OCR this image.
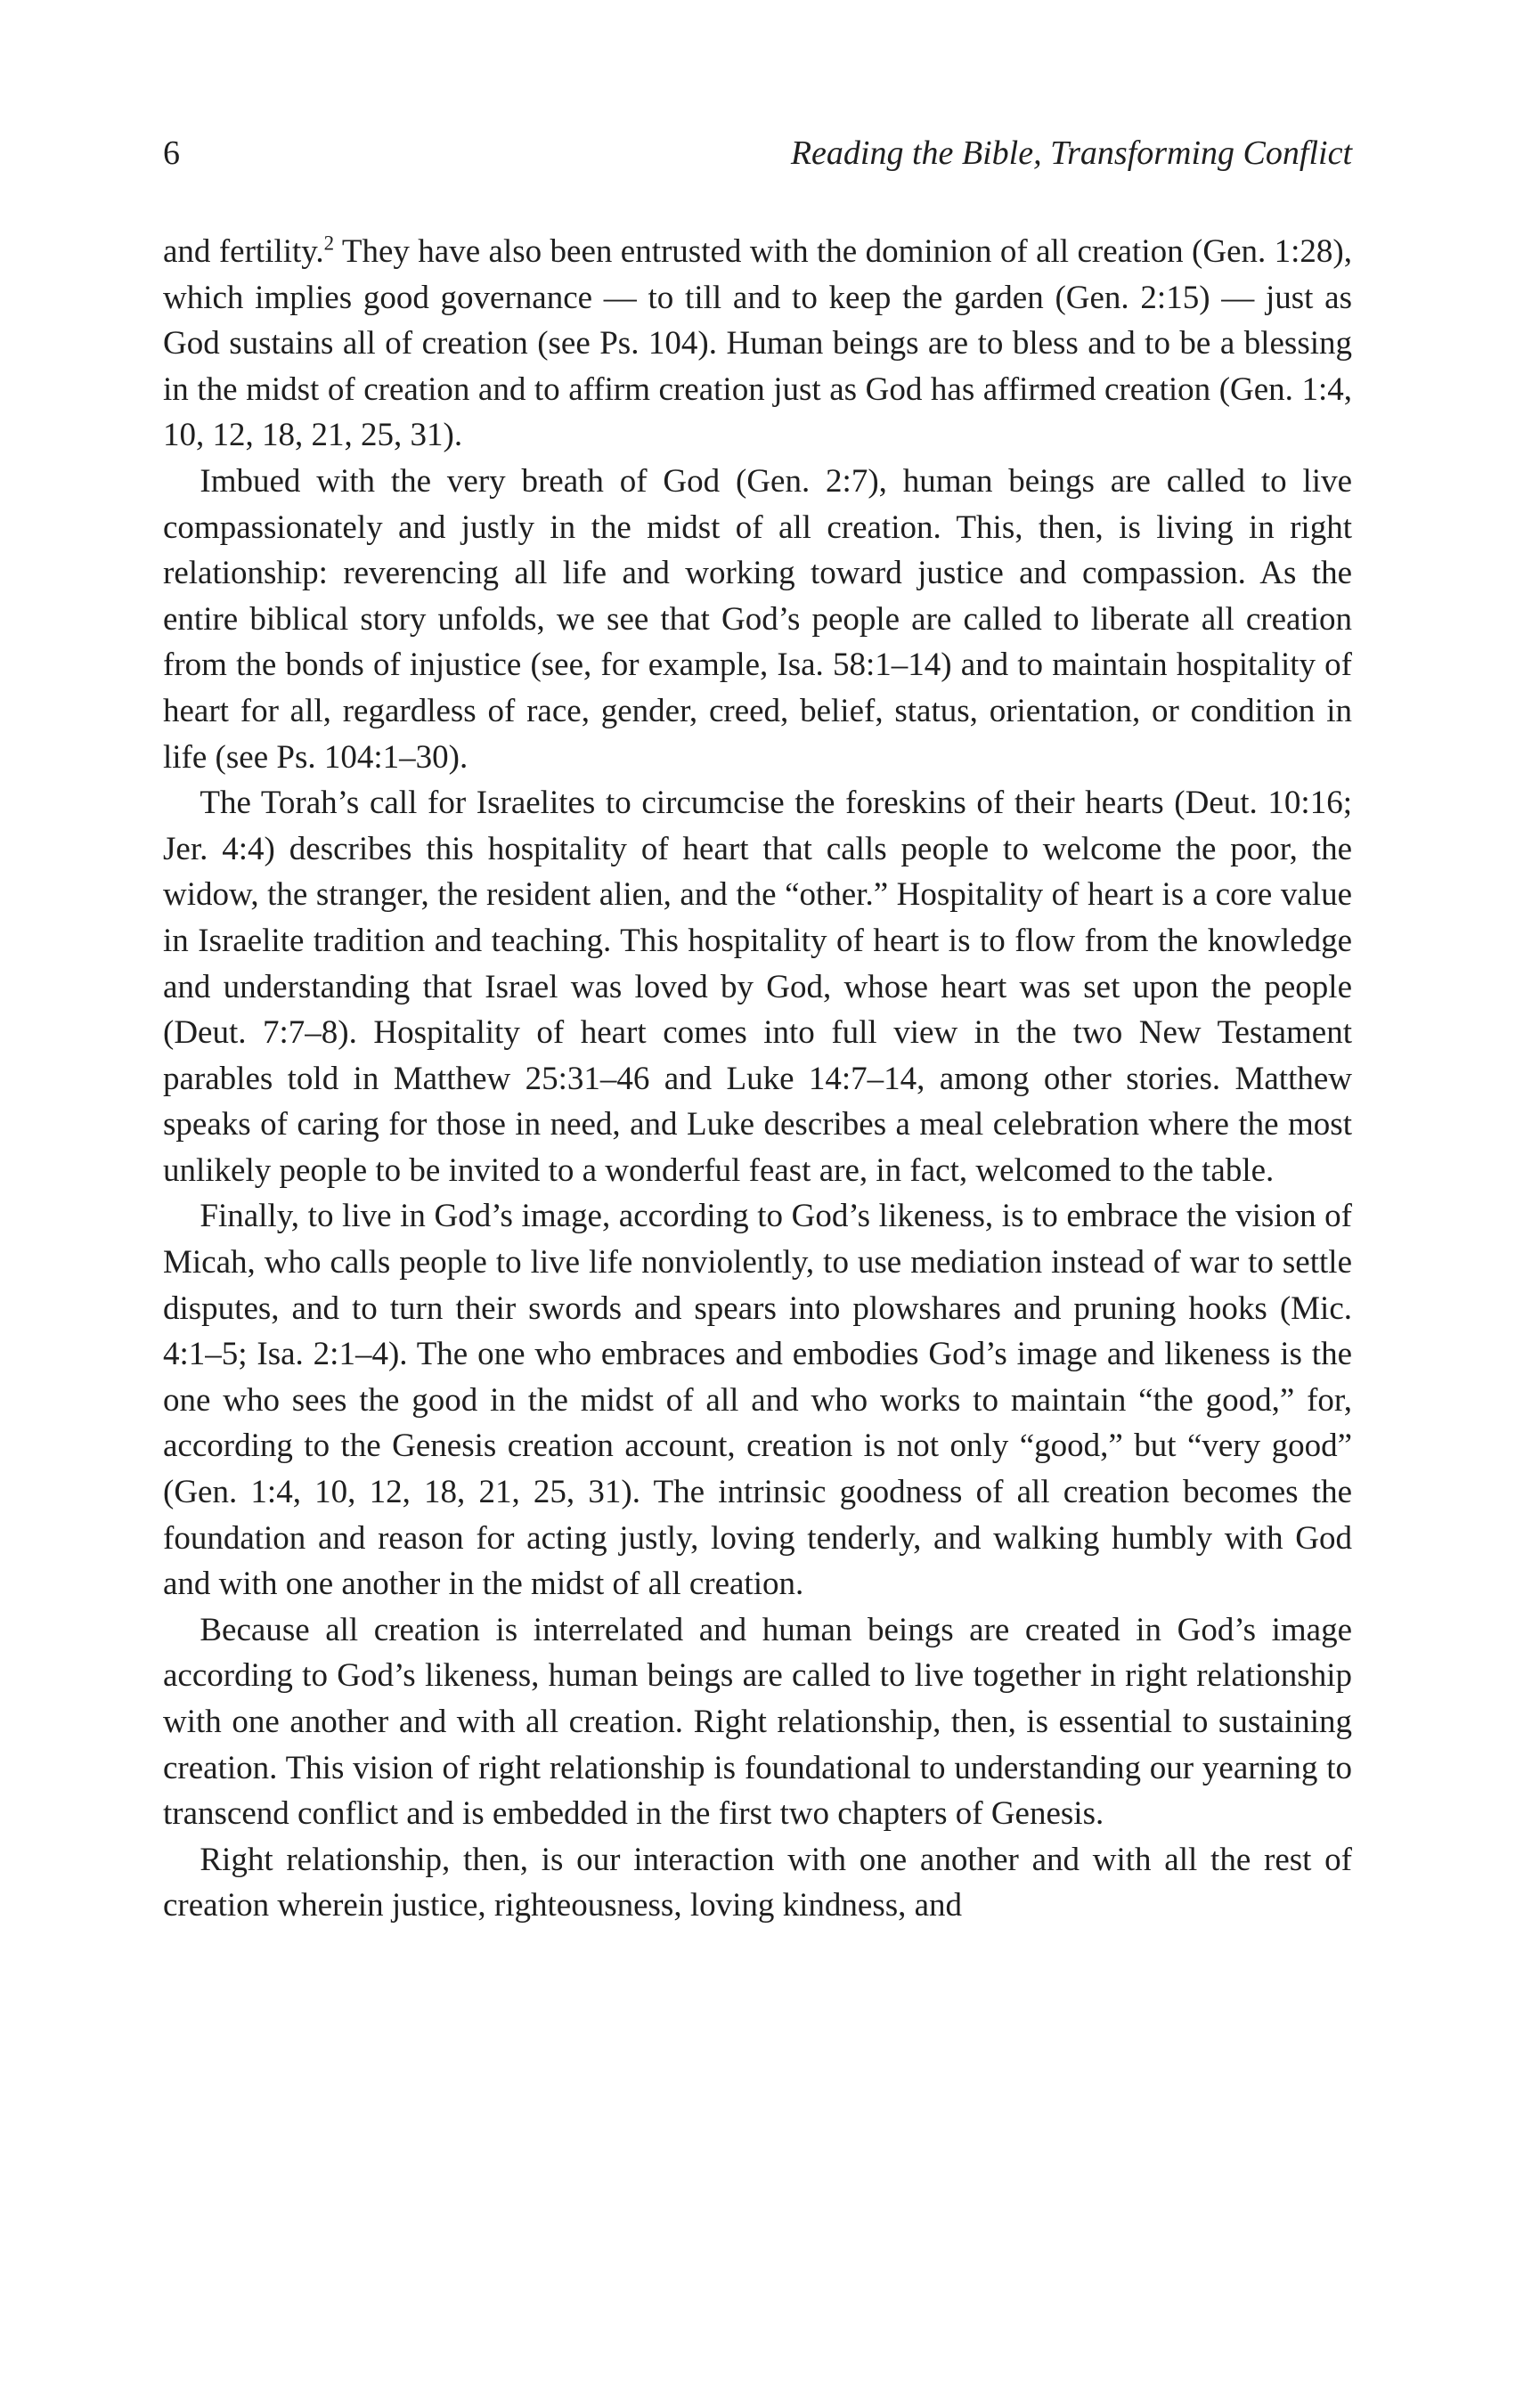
6	Reading the Bible, Transforming Conflict

and fertility.$^2$ They have also been entrusted with the dominion of all creation (Gen. 1:28), which implies good governance — to till and to keep the garden (Gen. 2:15) — just as God sustains all of creation (see Ps. 104). Human beings are to bless and to be a blessing in the midst of creation and to affirm creation just as God has affirmed creation (Gen. 1:4, 10, 12, 18, 21, 25, 31).

Imbued with the very breath of God (Gen. 2:7), human beings are called to live compassionately and justly in the midst of all creation. This, then, is living in right relationship: reverencing all life and working toward justice and compassion. As the entire biblical story unfolds, we see that God’s people are called to liberate all creation from the bonds of injustice (see, for example, Isa. 58:1–14) and to maintain hospitality of heart for all, regardless of race, gender, creed, belief, status, orientation, or condition in life (see Ps. 104:1–30).

The Torah’s call for Israelites to circumcise the foreskins of their hearts (Deut. 10:16; Jer. 4:4) describes this hospitality of heart that calls people to welcome the poor, the widow, the stranger, the resident alien, and the “other.” Hospitality of heart is a core value in Israelite tradition and teaching. This hospitality of heart is to flow from the knowledge and understanding that Israel was loved by God, whose heart was set upon the people (Deut. 7:7–8). Hospitality of heart comes into full view in the two New Testament parables told in Matthew 25:31–46 and Luke 14:7–14, among other stories. Matthew speaks of caring for those in need, and Luke describes a meal celebration where the most unlikely people to be invited to a wonderful feast are, in fact, welcomed to the table.

Finally, to live in God’s image, according to God’s likeness, is to embrace the vision of Micah, who calls people to live life nonviolently, to use mediation instead of war to settle disputes, and to turn their swords and spears into plowshares and pruning hooks (Mic. 4:1–5; Isa. 2:1–4). The one who embraces and embodies God’s image and likeness is the one who sees the good in the midst of all and who works to maintain “the good,” for, according to the Genesis creation account, creation is not only “good,” but “very good” (Gen. 1:4, 10, 12, 18, 21, 25, 31). The intrinsic goodness of all creation becomes the foundation and reason for acting justly, loving tenderly, and walking humbly with God and with one another in the midst of all creation.

Because all creation is interrelated and human beings are created in God’s image according to God’s likeness, human beings are called to live together in right relationship with one another and with all creation. Right relationship, then, is essential to sustaining creation. This vision of right relationship is foundational to understanding our yearning to transcend conflict and is embedded in the first two chapters of Genesis.

Right relationship, then, is our interaction with one another and with all the rest of creation wherein justice, righteousness, loving kindness, and
